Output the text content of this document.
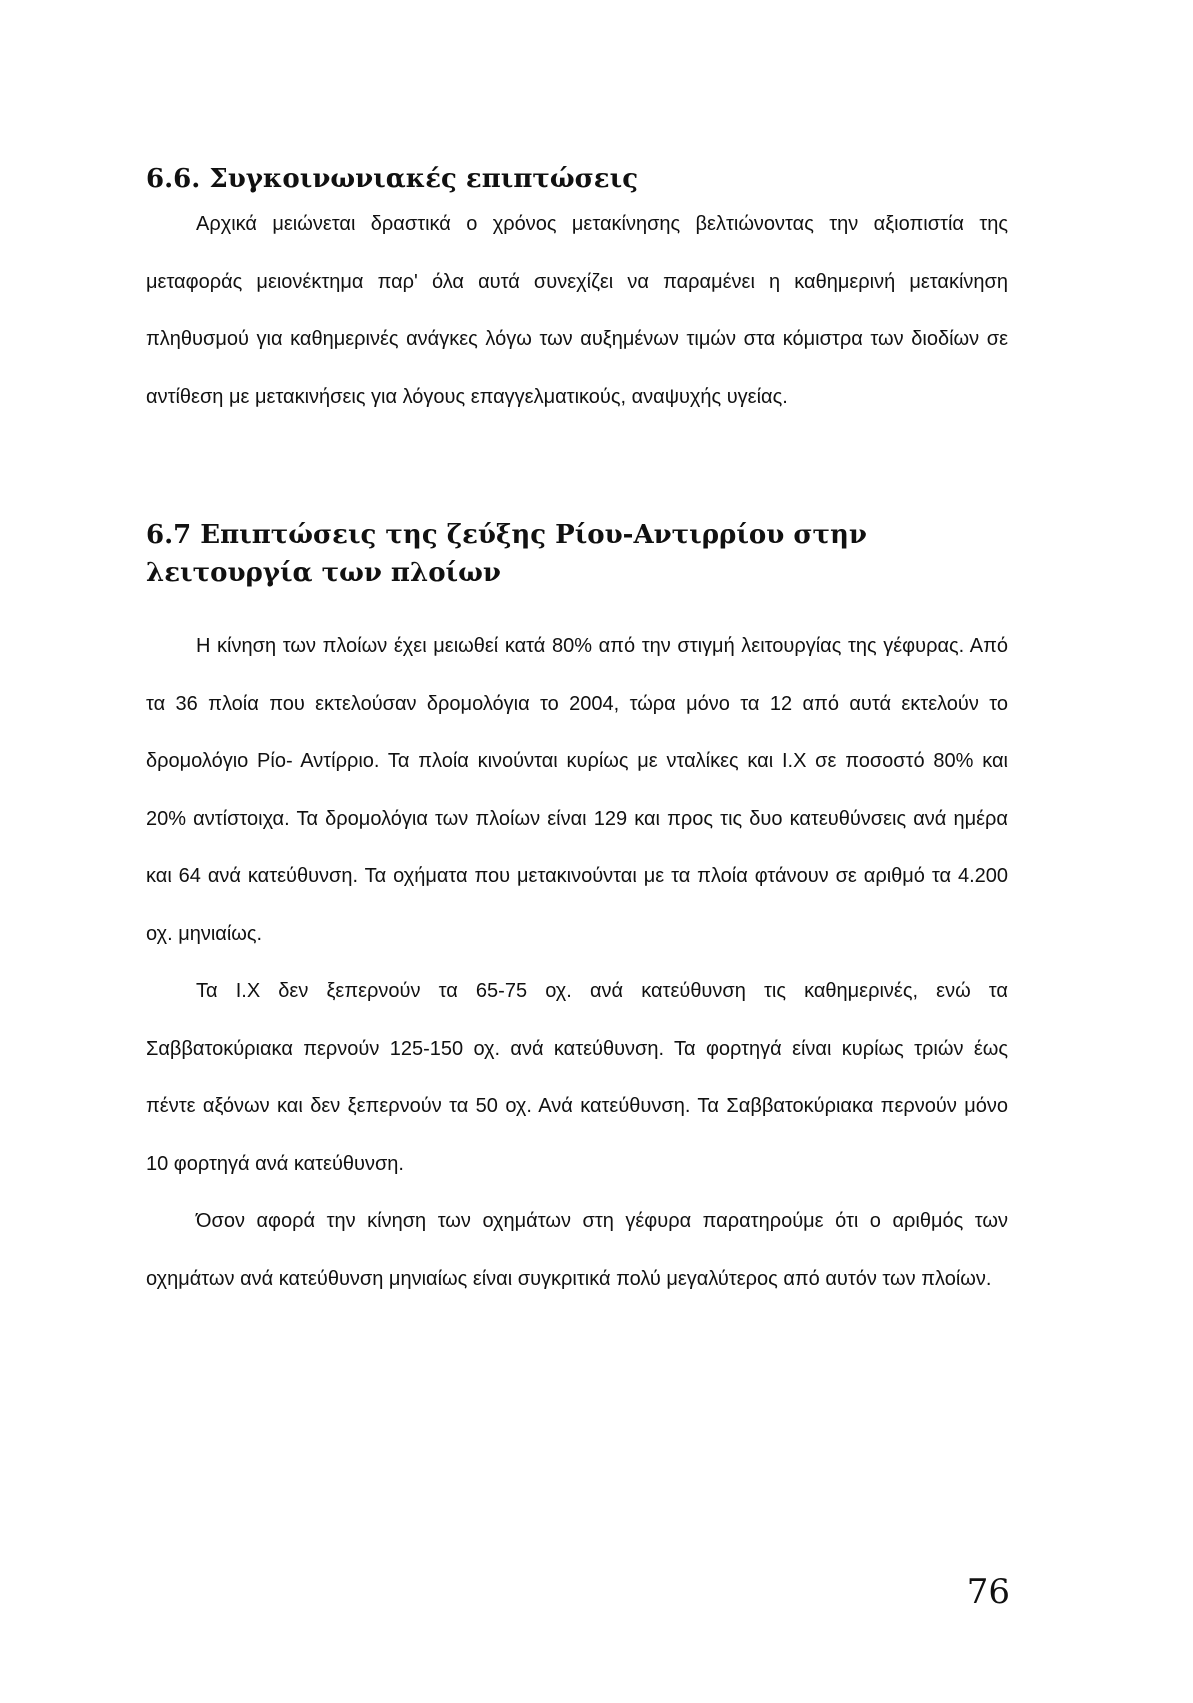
6.6. Συγκοινωνιακές επιπτώσεις

Αρχικά μειώνεται δραστικά ο χρόνος μετακίνησης βελτιώνοντας την αξιοπιστία της μεταφοράς μειονέκτημα παρ' όλα αυτά συνεχίζει να παραμένει η καθημερινή μετακίνηση πληθυσμού για καθημερινές ανάγκες λόγω των αυξημένων τιμών στα κόμιστρα των διοδίων σε αντίθεση με μετακινήσεις για λόγους επαγγελματικούς, αναψυχής υγείας.

6.7 Επιπτώσεις της ζεύξης Ρίου-Αντιρρίου στην λειτουργία των πλοίων

Η κίνηση των πλοίων έχει μειωθεί κατά 80% από την στιγμή λειτουργίας της γέφυρας. Από τα 36 πλοία που εκτελούσαν δρομολόγια το 2004, τώρα μόνο τα 12 από αυτά εκτελούν το δρομολόγιο Ρίο- Αντίρριο. Τα πλοία κινούνται κυρίως με νταλίκες και Ι.Χ σε ποσοστό 80% και 20% αντίστοιχα. Τα δρομολόγια των πλοίων είναι 129 και προς τις δυο κατευθύνσεις ανά ημέρα και 64 ανά κατεύθυνση. Τα οχήματα που μετακινούνται με τα πλοία φτάνουν σε αριθμό τα 4.200 οχ. μηνιαίως.

Τα Ι.Χ δεν ξεπερνούν τα 65-75 οχ. ανά κατεύθυνση τις καθημερινές, ενώ τα Σαββατοκύριακα περνούν 125-150 οχ. ανά κατεύθυνση. Τα φορτηγά είναι κυρίως τριών έως πέντε αξόνων και δεν ξεπερνούν τα 50 οχ. Ανά κατεύθυνση. Τα Σαββατοκύριακα περνούν μόνο 10 φορτηγά ανά κατεύθυνση.

Όσον αφορά την κίνηση των οχημάτων στη γέφυρα παρατηρούμε ότι ο αριθμός των οχημάτων ανά κατεύθυνση μηνιαίως είναι συγκριτικά πολύ μεγαλύτερος από αυτόν των πλοίων.

76
